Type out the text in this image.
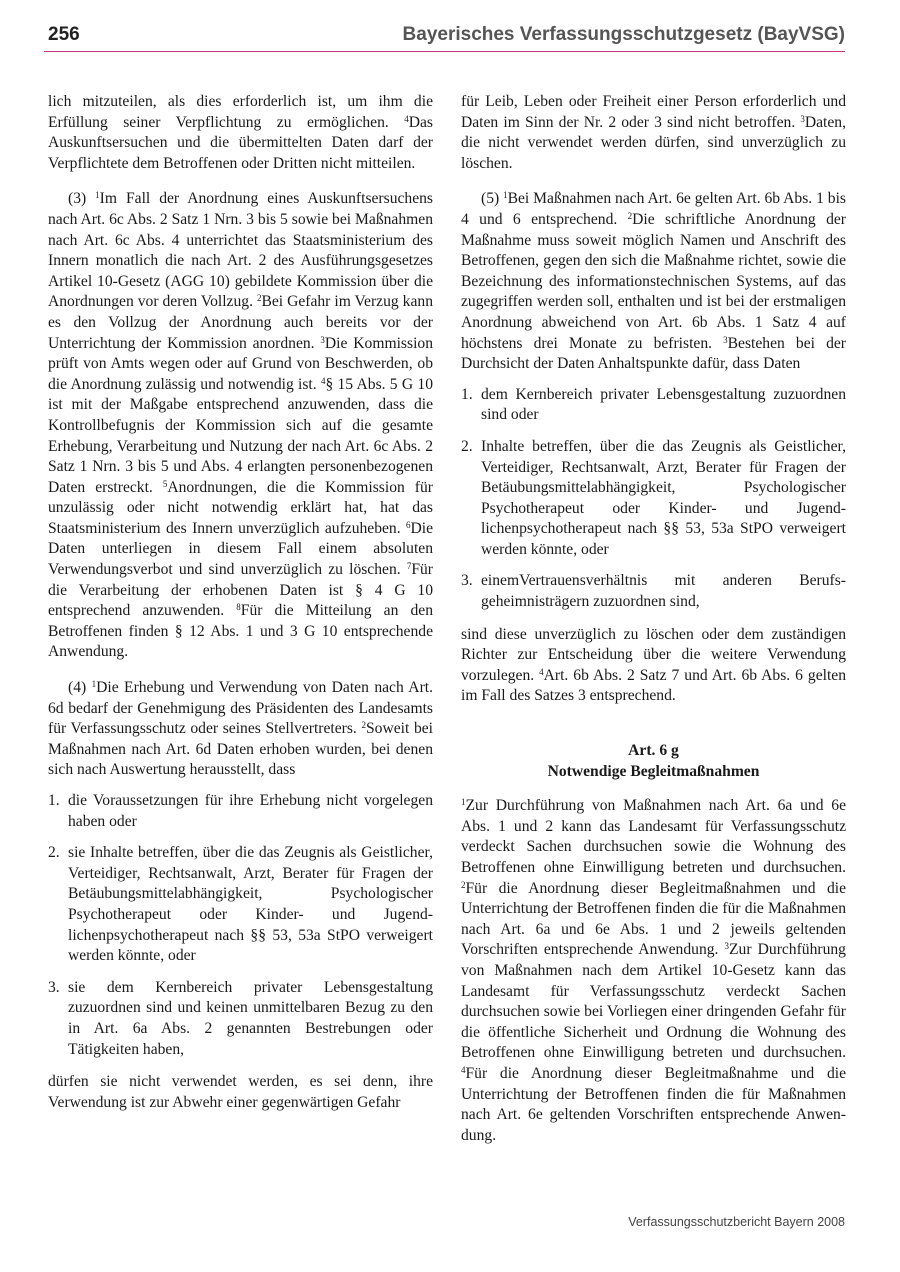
256	Bayerisches Verfassungsschutzgesetz (BayVSG)

lich mitzuteilen, als dies erforderlich ist, um ihm die Erfüllung seiner Verpflichtung zu ermöglichen. $^4$Das Auskunftsersuchen und die übermittelten Daten darf der Verpflichtete dem Betroffenen oder Dritten nicht mitteilen.

(3) $^1$Im Fall der Anordnung eines Auskunftsersuchens nach Art. 6c Abs. 2 Satz 1 Nrn. 3 bis 5 sowie bei Maßnahmen nach Art. 6c Abs. 4 unterrichtet das Staatsministerium des Innern monatlich die nach Art. 2 des Ausführungsgesetzes Artikel 10-Gesetz (AGG 10) gebildete Kommission über die Anordnungen vor deren Vollzug. $^2$Bei Gefahr im Verzug kann es den Vollzug der Anordnung auch bereits vor der Unterrichtung der Kommission anordnen. $^3$Die Kommission prüft von Amts wegen oder auf Grund von Beschwerden, ob die Anordnung zulässig und notwendig ist. $^4$§ 15 Abs. 5 G 10 ist mit der Maßgabe entsprechend anzuwenden, dass die Kontrollbefugnis der Kommission sich auf die gesamte Erhebung, Verarbeitung und Nutzung der nach Art. 6c Abs. 2 Satz 1 Nrn. 3 bis 5 und Abs. 4 erlangten personenbezogenen Daten erstreckt. $^5$Anordnungen, die die Kommission für unzulässig oder nicht notwendig erklärt hat, hat das Staatsministerium des Innern unverzüglich aufzuheben. $^6$Die Daten unterliegen in diesem Fall einem absoluten Verwendungsverbot und sind unverzüglich zu löschen. $^7$Für die Verarbeitung der erhobenen Daten ist § 4 G 10 entsprechend anzuwenden. $^8$Für die Mitteilung an den Betroffenen finden § 12 Abs. 1 und 3 G 10 entsprechende Anwendung.

(4) $^1$Die Erhebung und Verwendung von Daten nach Art. 6d bedarf der Genehmigung des Präsidenten des Landesamts für Verfassungsschutz oder seines Stellvertreters. $^2$Soweit bei Maßnahmen nach Art. 6d Daten erhoben wurden, bei denen sich nach Auswertung herausstellt, dass

1. die Voraussetzungen für ihre Erhebung nicht vorgelegen haben oder
2. sie Inhalte betreffen, über die das Zeugnis als Geistlicher, Verteidiger, Rechtsanwalt, Arzt, Berater für Fragen der Betäubungsmittelabhängigkeit, Psychologischer Psychotherapeut oder Kinder- und Jugendlichenpsychotherapeut nach §§ 53, 53a StPO verweigert werden könnte, oder
3. sie dem Kernbereich privater Lebensgestaltung zuzuordnen sind und keinen unmittelbaren Bezug zu den in Art. 6a Abs. 2 genannten Bestrebungen oder Tätigkeiten haben,

dürfen sie nicht verwendet werden, es sei denn, ihre Verwendung ist zur Abwehr einer gegenwärtigen Gefahr

für Leib, Leben oder Freiheit einer Person erforderlich und Daten im Sinn der Nr. 2 oder 3 sind nicht betroffen. $^3$Daten, die nicht verwendet werden dürfen, sind unverzüglich zu löschen.

(5) $^1$Bei Maßnahmen nach Art. 6e gelten Art. 6b Abs. 1 bis 4 und 6 entsprechend. $^2$Die schriftliche Anordnung der Maßnahme muss soweit möglich Namen und Anschrift des Betroffenen, gegen den sich die Maßnahme richtet, sowie die Bezeichnung des informationstechnischen Systems, auf das zugegriffen werden soll, enthalten und ist bei der erstmaligen Anordnung abweichend von Art. 6b Abs. 1 Satz 4 auf höchstens drei Monate zu befristen. $^3$Bestehen bei der Durchsicht der Daten Anhaltspunkte dafür, dass Daten

1. dem Kernbereich privater Lebensgestaltung zuzuordnen sind oder
2. Inhalte betreffen, über die das Zeugnis als Geistlicher, Verteidiger, Rechtsanwalt, Arzt, Berater für Fragen der Betäubungsmittelabhängigkeit, Psychologischer Psychotherapeut oder Kinder- und Jugendlichenpsychotherapeut nach §§ 53, 53a StPO verweigert werden könnte, oder
3. einemVertrauensverhältnis mit anderen Berufsgeheimnisträgern zuzuordnen sind,

sind diese unverzüglich zu löschen oder dem zuständigen Richter zur Entscheidung über die weitere Verwendung vorzulegen. $^4$Art. 6b Abs. 2 Satz 7 und Art. 6b Abs. 6 gelten im Fall des Satzes 3 entsprechend.

Art. 6 g
Notwendige Begleitmaßnahmen

$^1$Zur Durchführung von Maßnahmen nach Art. 6a und 6e Abs. 1 und 2 kann das Landesamt für Verfassungsschutz verdeckt Sachen durchsuchen sowie die Wohnung des Betroffenen ohne Einwilligung betreten und durchsuchen. $^2$Für die Anordnung dieser Begleitmaßnahmen und die Unterrichtung der Betroffenen finden die für die Maßnahmen nach Art. 6a und 6e Abs. 1 und 2 jeweils geltenden Vorschriften entsprechende Anwendung. $^3$Zur Durchführung von Maßnahmen nach dem Artikel 10-Gesetz kann das Landesamt für Verfassungsschutz verdeckt Sachen durchsuchen sowie bei Vorliegen einer dringenden Gefahr für die öffentliche Sicherheit und Ordnung die Wohnung des Betroffenen ohne Einwilligung betreten und durchsuchen. $^4$Für die Anordnung dieser Begleitmaßnahme und die Unterrichtung der Betroffenen finden die für Maßnahmen nach Art. 6e geltenden Vorschriften entsprechende Anwendung.

Verfassungsschutzbericht Bayern 2008
